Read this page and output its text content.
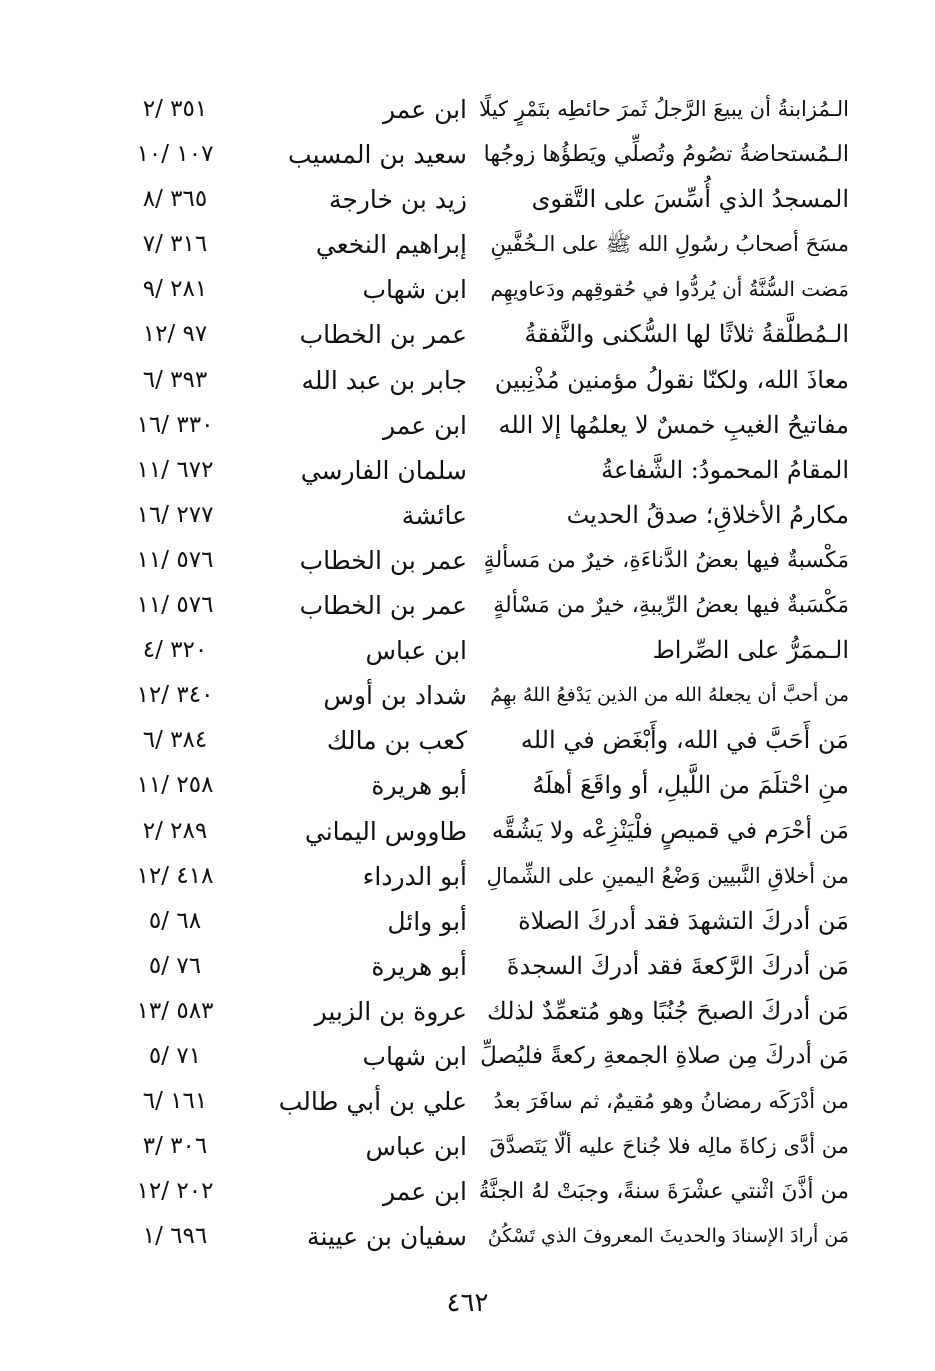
الـمُزابنةُ أن يبيعَ الرَّجلُ ثَمرَ حائطِه بتَمْرٍ كيلًا
ابن عمر
٣٥١ /٢
الـمُستحاضةُ تصُومُ وتُصلِّي ويَطؤُها زوجُها
سعيد بن المسيب
١٠٧ /١٠
المسجدُ الذي أُسِّسَ على التَّقوى
زيد بن خارجة
٣٦٥ /٨
مسَحَ أصحابُ رسُولِ الله ﷺ على الـخُفَّينِ
إبراهيم النخعي
٣١٦ /٧
مَضت السُّنَّةُ أن يُردُّوا في حُقوقِهم ودَعاويهِم
ابن شهاب
٢٨١ /٩
الـمُطلَّقةُ ثلاثًا لها السُّكنى والنَّفقةُ
عمر بن الخطاب
٩٧ /١٢
معاذَ الله، ولكنّا نقولُ مؤمنين مُذْنِبين
جابر بن عبد الله
٣٩٣ /٦
مفاتيحُ الغيبِ خمسٌ لا يعلمُها إلا الله
ابن عمر
٣٣٠ /١٦
المقامُ المحمودُ: الشَّفاعةُ
سلمان الفارسي
٦٧٢ /١١
مكارمُ الأخلاقِ؛ صدقُ الحديث
عائشة
٢٧٧ /١٦
مَكْسبةٌ فيها بعضُ الدَّناءَةِ، خيرٌ من مَسألةٍ
عمر بن الخطاب
٥٧٦ /١١
مَكْسَبةٌ فيها بعضُ الرِّيبةِ، خيرٌ من مَسْألةٍ
عمر بن الخطاب
٥٧٦ /١١
الـممَرُّ على الصِّراط
ابن عباس
٣٢٠ /٤
من أحبَّ أن يجعلهُ الله من الذين يَدْفعُ اللهُ بهِمُ
شداد بن أوس
٣٤٠ /١٢
مَن أَحَبَّ في الله، وأَبْغَض في الله
كعب بن مالك
٣٨٤ /٦
منِ احْتلَمَ من اللَّيلِ، أو واقَعَ أهلَهُ
أبو هريرة
٢٥٨ /١١
مَن أحْرَم في قميصٍ فلْيَنْزِعْه ولا يَشُقَّه
طاووس اليماني
٢٨٩ /٢
من أخلاقِ النَّبيين وَضْعُ اليمينِ على الشِّمالِ
أبو الدرداء
٤١٨ /١٢
مَن أدركَ التشهدَ فقد أدركَ الصلاة
أبو وائل
٦٨ /٥
مَن أدركَ الرَّكعةَ فقد أدركَ السجدةَ
أبو هريرة
٧٦ /٥
مَن أدركَ الصبحَ جُنُبًا وهو مُتعمِّدٌ لذلك
عروة بن الزبير
٥٨٣ /١٣
مَن أدركَ مِن صلاةِ الجمعةِ ركعةً فليُصلِّ
ابن شهاب
٧١ /٥
من أدْرَكَه رمضانُ وهو مُقيمٌ، ثم سافَرَ بعدُ
علي بن أبي طالب
١٦١ /٦
من أدَّى زكاةَ مالِه فلا جُناحَ عليه ألّا يَتَصدَّقَ
ابن عباس
٣٠٦ /٣
من أذَّنَ اثْنتي عشْرَةَ سنةً، وجبَتْ لهُ الجنَّةُ
ابن عمر
٢٠٢ /١٢
مَن أرادَ الإسنادَ والحديثَ المعروفَ الذي تَسْكُنُ
سفيان بن عيينة
٦٩٦ /١
٤٦٢
